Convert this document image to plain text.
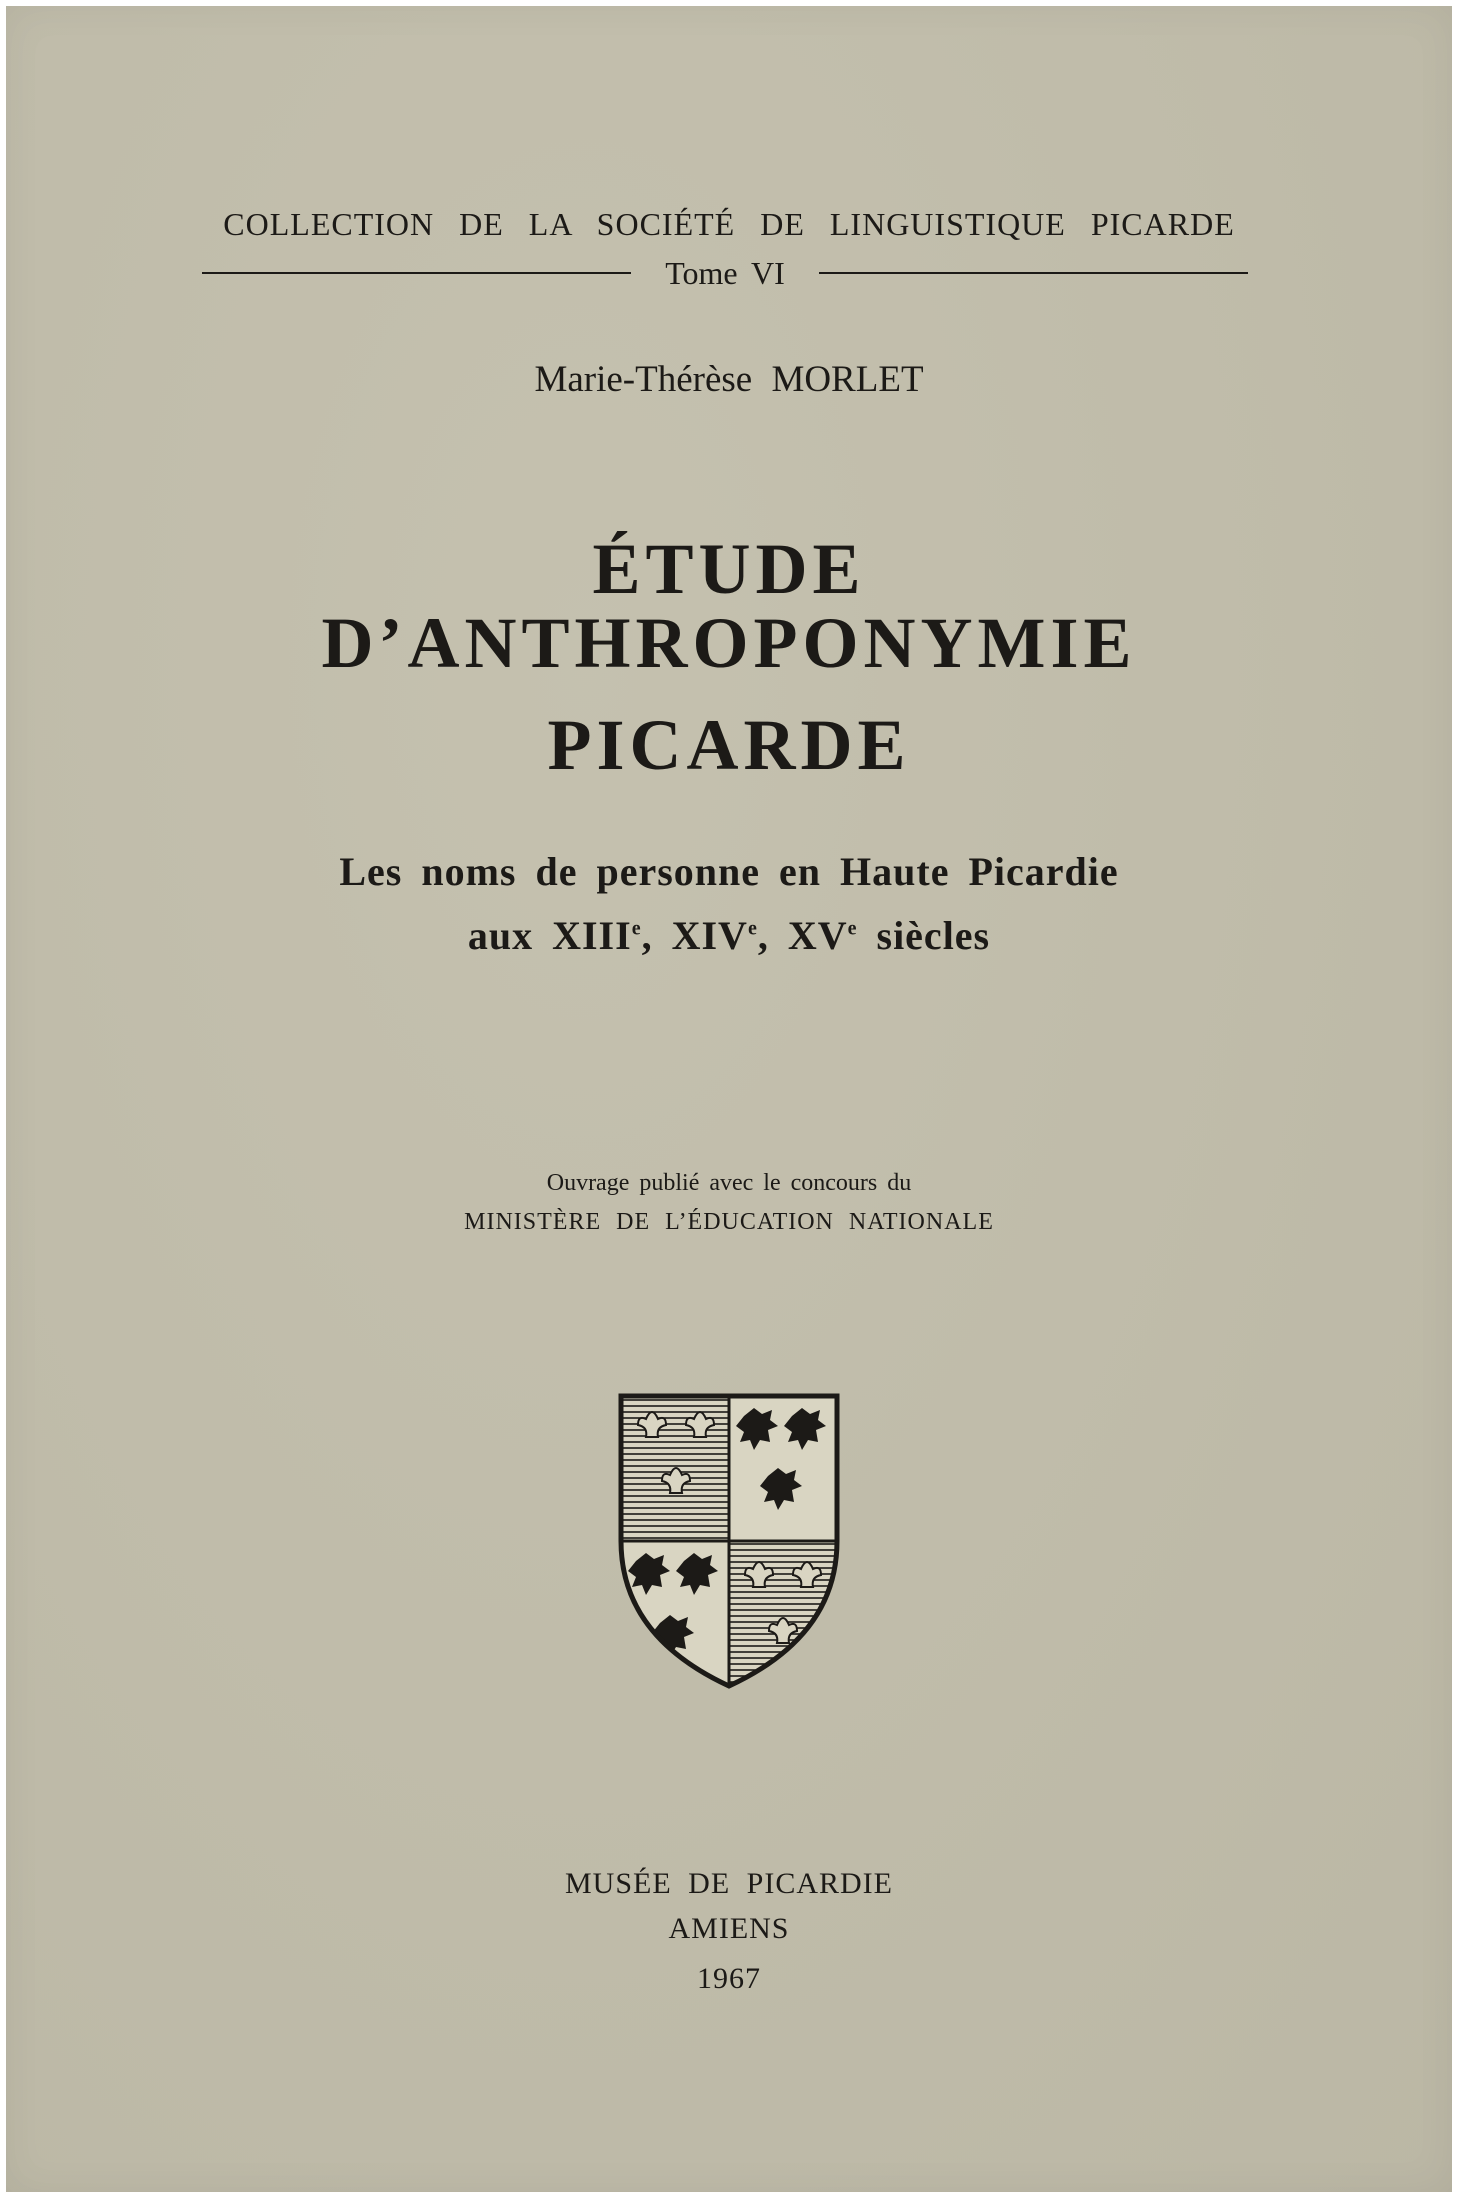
COLLECTION DE LA SOCIÉTÉ DE LINGUISTIQUE PICARDE
Tome VI
Marie-Thérèse MORLET
ÉTUDE
D’ANTHROPONYMIE
PICARDE
Les noms de personne en Haute Picardie
aux XIIIe, XIVe, XVe siècles
Ouvrage publié avec le concours du
MINISTÈRE DE L’ÉDUCATION NATIONALE
MUSÉE DE PICARDIE
AMIENS
1967
